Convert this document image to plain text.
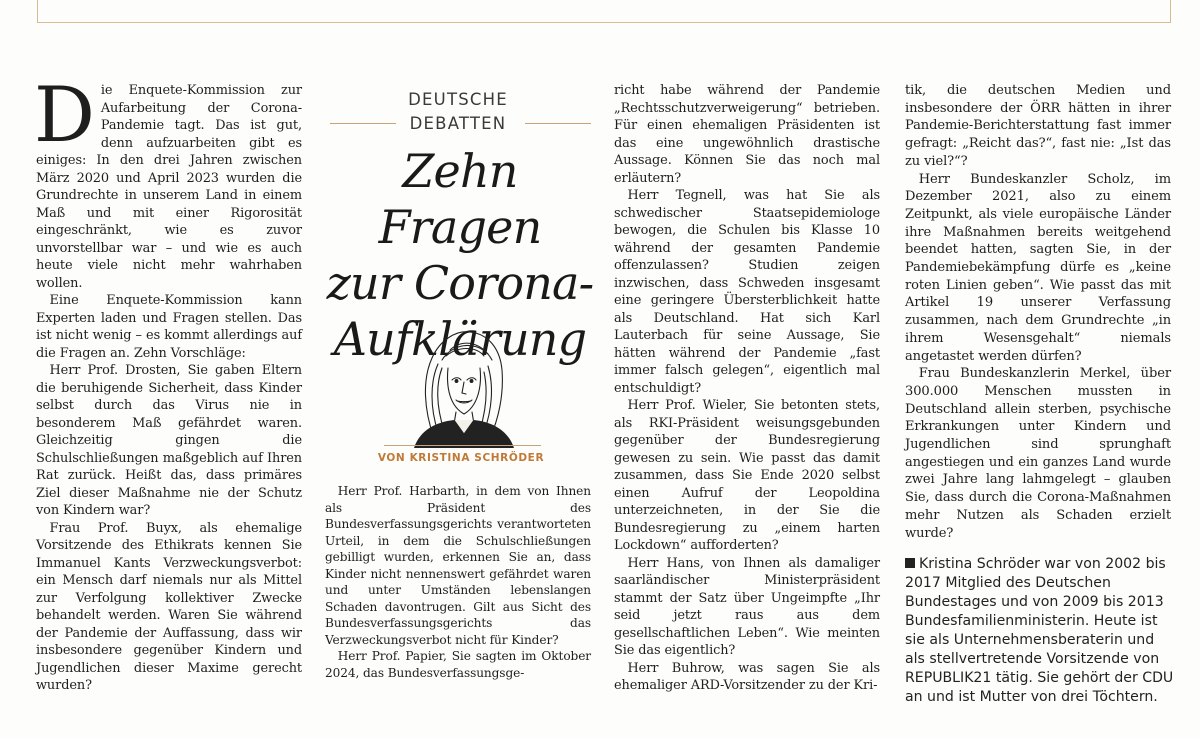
Die Enquete-Kommission zur Aufarbeitung der Corona-Pandemie tagt. Das ist gut, denn aufzuarbeiten gibt es einiges: In den drei Jahren zwischen März 2020 und April 2023 wurden die Grundrechte in unserem Land in einem Maß und mit einer Rigorosität eingeschränkt, wie es zuvor unvorstellbar war – und wie es auch heute viele nicht mehr wahrhaben wollen.

Eine Enquete-Kommission kann Experten laden und Fragen stellen. Das ist nicht wenig – es kommt allerdings auf die Fragen an. Zehn Vorschläge:

Herr Prof. Drosten, Sie gaben Eltern die beruhigende Sicherheit, dass Kinder selbst durch das Virus nie in besonderem Maß gefährdet waren. Gleichzeitig gingen die Schulschließungen maßgeblich auf Ihren Rat zurück. Heißt das, dass primäres Ziel dieser Maßnahme nie der Schutz von Kindern war?

Frau Prof. Buyx, als ehemalige Vorsitzende des Ethikrats kennen Sie Immanuel Kants Verzweckungsverbot: ein Mensch darf niemals nur als Mittel zur Verfolgung kollektiver Zwecke behandelt werden. Waren Sie während der Pandemie der Auffassung, dass wir insbesondere gegenüber Kindern und Jugendlichen dieser Maxime gerecht wurden?

DEUTSCHE
DEBATTEN
Zehn Fragen
zur Corona-
Aufklärung
VON KRISTINA SCHRÖDER

Herr Prof. Harbarth, in dem von Ihnen als Präsident des Bundesverfassungsgerichts verantworteten Urteil, in dem die Schulschließungen gebilligt wurden, erkennen Sie an, dass Kinder nicht nennenswert gefährdet waren und unter Umständen lebenslangen Schaden davontrugen. Gilt aus Sicht des Bundesverfassungsgerichts das Verzweckungsverbot nicht für Kinder?

Herr Prof. Papier, Sie sagten im Oktober 2024, das Bundesverfassungsge-

richt habe während der Pandemie „Rechtsschutzverweigerung“ betrieben. Für einen ehemaligen Präsidenten ist das eine ungewöhnlich drastische Aussage. Können Sie das noch mal erläutern?

Herr Tegnell, was hat Sie als schwedischer Staatsepidemiologe bewogen, die Schulen bis Klasse 10 während der gesamten Pandemie offenzulassen? Studien zeigen inzwischen, dass Schweden insgesamt eine geringere Übersterblichkeit hatte als Deutschland. Hat sich Karl Lauterbach für seine Aussage, Sie hätten während der Pandemie „fast immer falsch gelegen“, eigentlich mal entschuldigt?

Herr Prof. Wieler, Sie betonten stets, als RKI-Präsident weisungsgebunden gegenüber der Bundesregierung gewesen zu sein. Wie passt das damit zusammen, dass Sie Ende 2020 selbst einen Aufruf der Leopoldina unterzeichneten, in der Sie die Bundesregierung zu „einem harten Lockdown“ aufforderten?

Herr Hans, von Ihnen als damaliger saarländischer Ministerpräsident stammt der Satz über Ungeimpfte „Ihr seid jetzt raus aus dem gesellschaftlichen Leben“. Wie meinten Sie das eigentlich?

Herr Buhrow, was sagen Sie als ehemaliger ARD-Vorsitzender zu der Kri-

tik, die deutschen Medien und insbesondere der ÖRR hätten in ihrer Pandemie-Berichterstattung fast immer gefragt: „Reicht das?“, fast nie: „Ist das zu viel?“?

Herr Bundeskanzler Scholz, im Dezember 2021, also zu einem Zeitpunkt, als viele europäische Länder ihre Maßnahmen bereits weitgehend beendet hatten, sagten Sie, in der Pandemiebekämpfung dürfe es „keine roten Linien geben“. Wie passt das mit Artikel 19 unserer Verfassung zusammen, nach dem Grundrechte „in ihrem Wesensgehalt“ niemals angetastet werden dürfen?

Frau Bundeskanzlerin Merkel, über 300.000 Menschen mussten in Deutschland allein sterben, psychische Erkrankungen unter Kindern und Jugendlichen sind sprunghaft angestiegen und ein ganzes Land wurde zwei Jahre lang lahmgelegt – glauben Sie, dass durch die Corona-Maßnahmen mehr Nutzen als Schaden erzielt wurde?

Kristina Schröder war von 2002 bis 2017 Mitglied des Deutschen Bundestages und von 2009 bis 2013 Bundesfamilienministerin. Heute ist sie als Unternehmensberaterin und als stellvertretende Vorsitzende von REPUBLIK21 tätig. Sie gehört der CDU an und ist Mutter von drei Töchtern.
